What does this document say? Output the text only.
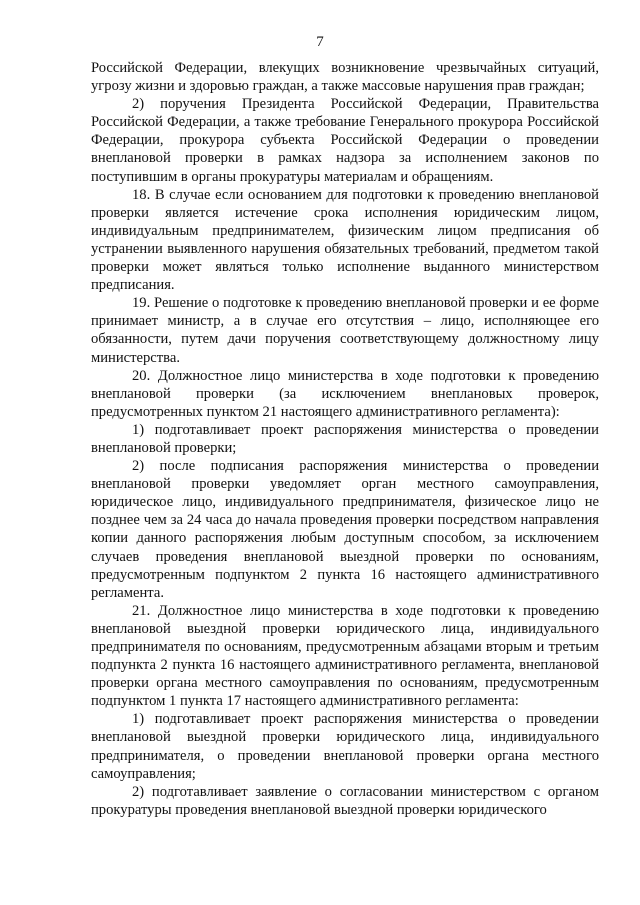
7

Российской Федерации, влекущих возникновение чрезвычайных ситуаций, угрозу жизни и здоровью граждан, а также массовые нарушения прав граждан;

2) поручения Президента Российской Федерации, Правительства Российской Федерации, а также требование Генерального прокурора Российской Федерации, прокурора субъекта Российской Федерации о проведении внеплановой проверки в рамках надзора за исполнением законов по поступившим в органы прокуратуры материалам и обращениям.

18. В случае если основанием для подготовки к проведению внеплановой проверки является истечение срока исполнения юридическим лицом, индивидуальным предпринимателем, физическим лицом предписания об устранении выявленного нарушения обязательных требований, предметом такой проверки может являться только исполнение выданного министерством предписания.

19. Решение о подготовке к проведению внеплановой проверки и ее форме принимает министр, а в случае его отсутствия – лицо, исполняющее его обязанности, путем дачи поручения соответствующему должностному лицу министерства.

20. Должностное лицо министерства в ходе подготовки к проведению внеплановой проверки (за исключением внеплановых проверок, предусмотренных пунктом 21 настоящего административного регламента):

1) подготавливает проект распоряжения министерства о проведении внеплановой проверки;

2) после подписания распоряжения министерства о проведении внеплановой проверки уведомляет орган местного самоуправления, юридическое лицо, индивидуального предпринимателя, физическое лицо не позднее чем за 24 часа до начала проведения проверки посредством направления копии данного распоряжения любым доступным способом, за исключением случаев проведения внеплановой выездной проверки по основаниям, предусмотренным подпунктом 2 пункта 16 настоящего административного регламента.

21. Должностное лицо министерства в ходе подготовки к проведению внеплановой выездной проверки юридического лица, индивидуального предпринимателя по основаниям, предусмотренным абзацами вторым и третьим подпункта 2 пункта 16 настоящего административного регламента, внеплановой проверки органа местного самоуправления по основаниям, предусмотренным подпунктом 1 пункта 17 настоящего административного регламента:

1) подготавливает проект распоряжения министерства о проведении внеплановой выездной проверки юридического лица, индивидуального предпринимателя, о проведении внеплановой проверки органа местного самоуправления;

2) подготавливает заявление о согласовании министерством с органом прокуратуры проведения внеплановой выездной проверки юридического
